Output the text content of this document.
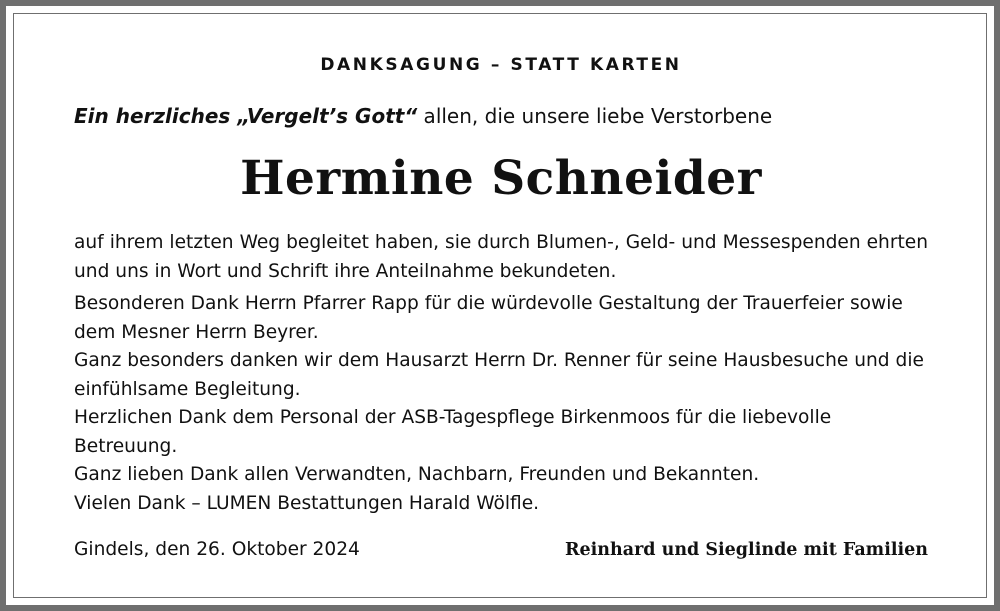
DANKSAGUNG – STATT KARTEN
Ein herzliches „Vergelt’s Gott“ allen, die unsere liebe Verstorbene
Hermine Schneider

auf ihrem letzten Weg begleitet haben, sie durch Blumen-, Geld- und Messespenden ehrten und uns in Wort und Schrift ihre Anteilnahme bekundeten.

Besonderen Dank Herrn Pfarrer Rapp für die würdevolle Gestaltung der Trauerfeier sowie dem Mesner Herrn Beyrer.

Ganz besonders danken wir dem Hausarzt Herrn Dr. Renner für seine Hausbesuche und die einfühlsame Begleitung.

Herzlichen Dank dem Personal der ASB-Tagespflege Birkenmoos für die liebevolle Betreuung.

Ganz lieben Dank allen Verwandten, Nachbarn, Freunden und Bekannten.

Vielen Dank – LUMEN Bestattungen Harald Wölfle.

Gindels, den 26. Oktober 2024	Reinhard und Sieglinde mit Familien
